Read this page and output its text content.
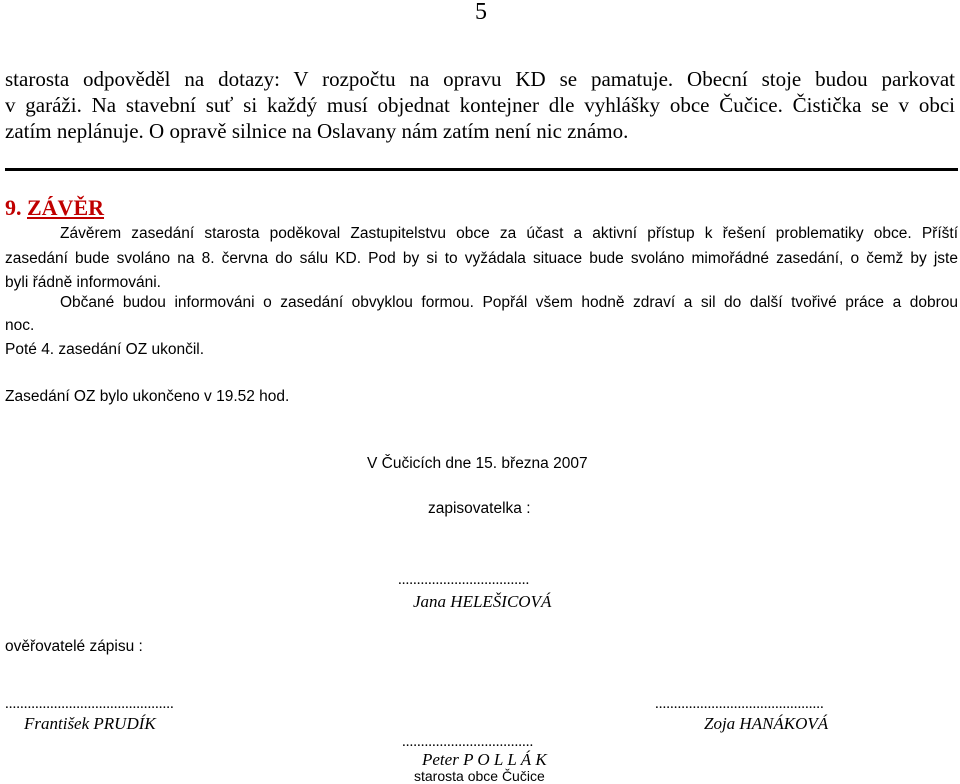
5
starosta odpověděl na dotazy: V rozpočtu na opravu KD se pamatuje. Obecní stoje budou parkovat
v garáži. Na stavební suť si každý musí objednat kontejner dle vyhlášky obce Čučice. Čistička se v obci
zatím neplánuje. O opravě silnice na Oslavany nám zatím není nic známo.
9. ZÁVĚR
Závěrem zasedání starosta poděkoval Zastupitelstvu obce za účast a aktivní přístup k řešení problematiky obce. Příští
zasedání bude svoláno na 8. června do sálu KD. Pod by si to vyžádala situace bude svoláno mimořádné zasedání, o čemž by jste
byli řádně informováni.
Občané budou informováni o zasedání obvyklou formou. Popřál všem hodně zdraví a sil do další tvořivé práce a dobrou
noc.
Poté 4. zasedání OZ ukončil.
Zasedání OZ bylo ukončeno v 19.52 hod.
V Čučicích dne 15. března 2007
zapisovatelka :
...................................
Jana HELEŠICOVÁ
ověřovatelé zápisu :
.............................................
František PRUDÍK
.............................................
Zoja HANÁKOVÁ
...................................
Peter P O L L Á K
starosta obce Čučice
